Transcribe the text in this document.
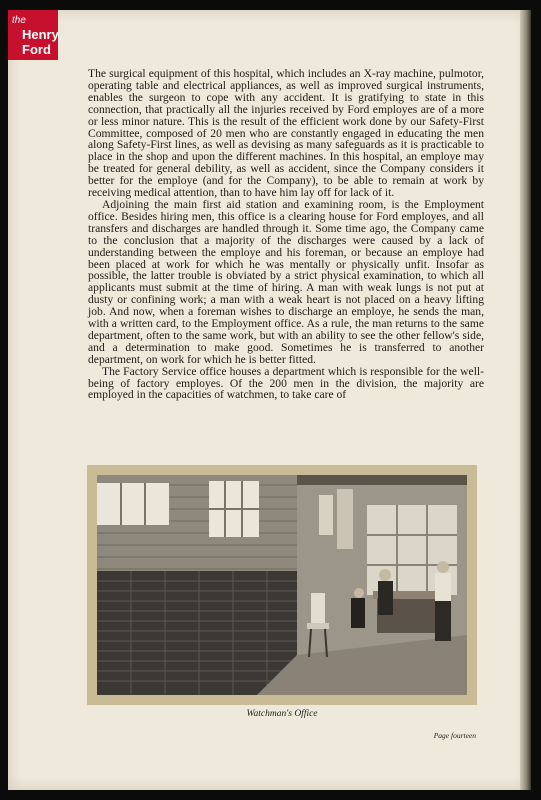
the
Henry
Ford

The surgical equipment of this hospital, which includes an X-ray machine, pulmotor, operating table and electrical appliances, as well as improved surgical instruments, enables the surgeon to cope with any accident. It is gratifying to state in this connection, that practically all the injuries received by Ford employes are of a more or less minor nature. This is the result of the efficient work done by our Safety-First Committee, composed of 20 men who are constantly engaged in educating the men along Safety-First lines, as well as devising as many safeguards as it is practicable to place in the shop and upon the different machines. In this hospital, an employe may be treated for general debility, as well as accident, since the Company considers it better for the employe (and for the Company), to be able to remain at work by receiving medical attention, than to have him lay off for lack of it.

Adjoining the main first aid station and examining room, is the Employment office. Besides hiring men, this office is a clearing house for Ford employes, and all transfers and discharges are handled through it. Some time ago, the Company came to the conclusion that a majority of the discharges were caused by a lack of understanding between the employe and his foreman, or because an employe had been placed at work for which he was mentally or physically unfit. Insofar as possible, the latter trouble is obviated by a strict physical examination, to which all applicants must submit at the time of hiring. A man with weak lungs is not put at dusty or confining work; a man with a weak heart is not placed on a heavy lifting job. And now, when a foreman wishes to discharge an employe, he sends the man, with a written card, to the Employment office. As a rule, the man returns to the same department, often to the same work, but with an ability to see the other fellow's side, and a determination to make good. Sometimes he is transferred to another department, on work for which he is better fitted.

The Factory Service office houses a department which is responsible for the well-being of factory employes. Of the 200 men in the division, the majority are employed in the capacities of watchmen, to take care of

Watchman's Office
Page fourteen
